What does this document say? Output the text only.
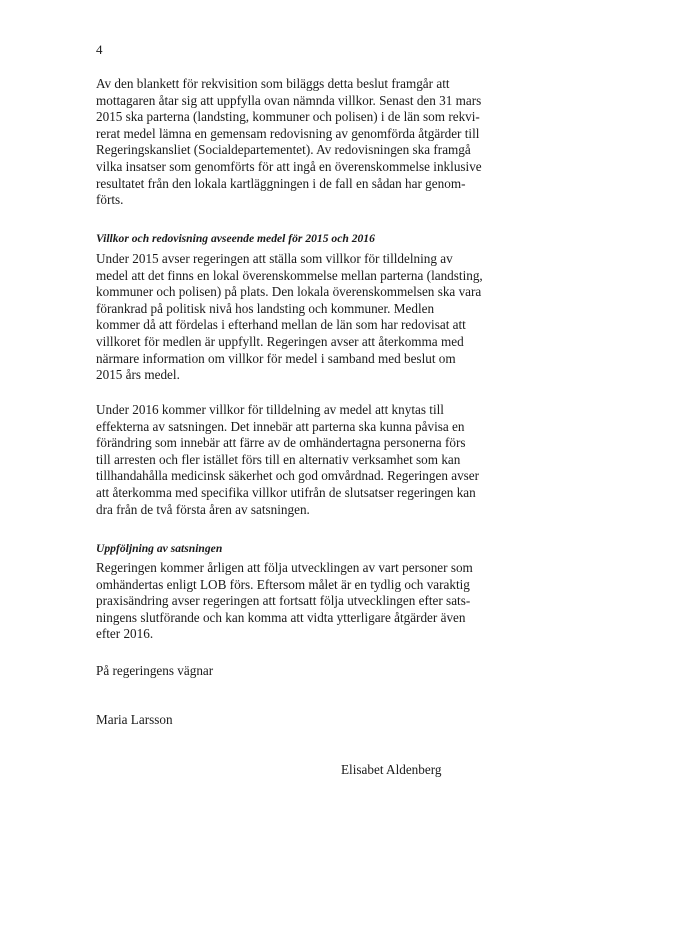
4
Av den blankett för rekvisition som biläggs detta beslut framgår att
mottagaren åtar sig att uppfylla ovan nämnda villkor. Senast den 31 mars
2015 ska parterna (landsting, kommuner och polisen) i de län som rekvi-
rerat medel lämna en gemensam redovisning av genomförda åtgärder till
Regeringskansliet (Socialdepartementet). Av redovisningen ska framgå
vilka insatser som genomförts för att ingå en överenskommelse inklusive
resultatet från den lokala kartläggningen i de fall en sådan har genom-
förts.
Villkor och redovisning avseende medel för 2015 och 2016
Under 2015 avser regeringen att ställa som villkor för tilldelning av
medel att det finns en lokal överenskommelse mellan parterna (landsting,
kommuner och polisen) på plats. Den lokala överenskommelsen ska vara
förankrad på politisk nivå hos landsting och kommuner. Medlen
kommer då att fördelas i efterhand mellan de län som har redovisat att
villkoret för medlen är uppfyllt. Regeringen avser att återkomma med
närmare information om villkor för medel i samband med beslut om
2015 års medel.
Under 2016 kommer villkor för tilldelning av medel att knytas till
effekterna av satsningen. Det innebär att parterna ska kunna påvisa en
förändring som innebär att färre av de omhändertagna personerna förs
till arresten och fler istället förs till en alternativ verksamhet som kan
tillhandahålla medicinsk säkerhet och god omvårdnad. Regeringen avser
att återkomma med specifika villkor utifrån de slutsatser regeringen kan
dra från de två första åren av satsningen.
Uppföljning av satsningen
Regeringen kommer årligen att följa utvecklingen av vart personer som
omhändertas enligt LOB förs. Eftersom målet är en tydlig och varaktig
praxisändring avser regeringen att fortsatt följa utvecklingen efter sats-
ningens slutförande och kan komma att vidta ytterligare åtgärder även
efter 2016.
På regeringens vägnar
Maria Larsson
Elisabet Aldenberg
